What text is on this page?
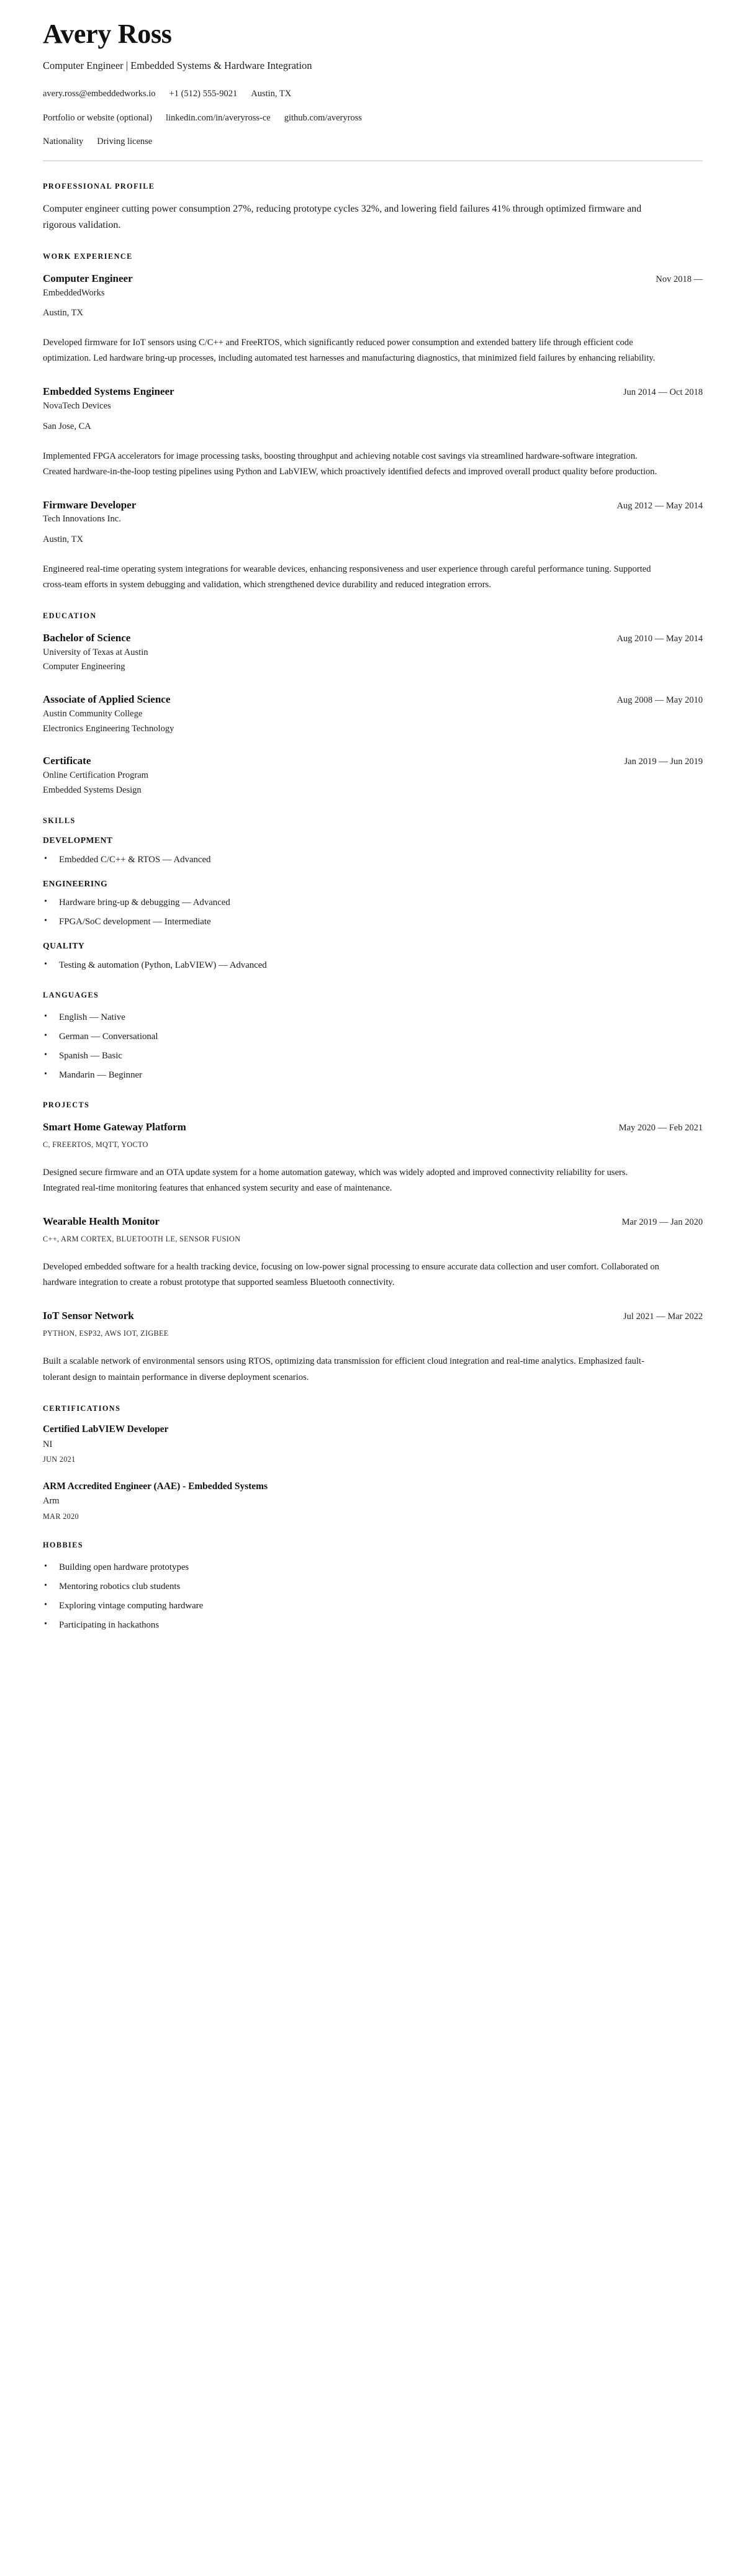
Avery Ross
Computer Engineer | Embedded Systems & Hardware Integration
avery.ross@embeddedworks.io +1 (512) 555-9021 Austin, TX
Portfolio or website (optional) linkedin.com/in/averyross-ce github.com/averyross
Nationality Driving license
PROFESSIONAL PROFILE

Computer engineer cutting power consumption 27%, reducing prototype cycles 32%, and lowering field failures 41% through optimized firmware and rigorous validation.

WORK EXPERIENCE
Computer Engineer	Nov 2018 —
EmbeddedWorks
Austin, TX

Developed firmware for IoT sensors using C/C++ and FreeRTOS, which significantly reduced power consumption and extended battery life through efficient code optimization. Led hardware bring-up processes, including automated test harnesses and manufacturing diagnostics, that minimized field failures by enhancing reliability.

Embedded Systems Engineer	Jun 2014 — Oct 2018
NovaTech Devices
San Jose, CA

Implemented FPGA accelerators for image processing tasks, boosting throughput and achieving notable cost savings via streamlined hardware-software integration. Created hardware-in-the-loop testing pipelines using Python and LabVIEW, which proactively identified defects and improved overall product quality before production.

Firmware Developer	Aug 2012 — May 2014
Tech Innovations Inc.
Austin, TX

Engineered real-time operating system integrations for wearable devices, enhancing responsiveness and user experience through careful performance tuning. Supported cross-team efforts in system debugging and validation, which strengthened device durability and reduced integration errors.

EDUCATION
Bachelor of Science	Aug 2010 — May 2014
University of Texas at Austin
Computer Engineering
Associate of Applied Science	Aug 2008 — May 2010
Austin Community College
Electronics Engineering Technology
Certificate	Jan 2019 — Jun 2019
Online Certification Program
Embedded Systems Design
SKILLS
DEVELOPMENT
• Embedded C/C++ & RTOS — Advanced
ENGINEERING
• Hardware bring-up & debugging — Advanced
• FPGA/SoC development — Intermediate
QUALITY
• Testing & automation (Python, LabVIEW) — Advanced
LANGUAGES
• English — Native
• German — Conversational
• Spanish — Basic
• Mandarin — Beginner
PROJECTS
Smart Home Gateway Platform	May 2020 — Feb 2021
C, FREERTOS, MQTT, YOCTO

Designed secure firmware and an OTA update system for a home automation gateway, which was widely adopted and improved connectivity reliability for users. Integrated real-time monitoring features that enhanced system security and ease of maintenance.

Wearable Health Monitor	Mar 2019 — Jan 2020
C++, ARM CORTEX, BLUETOOTH LE, SENSOR FUSION

Developed embedded software for a health tracking device, focusing on low-power signal processing to ensure accurate data collection and user comfort. Collaborated on hardware integration to create a robust prototype that supported seamless Bluetooth connectivity.

IoT Sensor Network	Jul 2021 — Mar 2022
PYTHON, ESP32, AWS IOT, ZIGBEE

Built a scalable network of environmental sensors using RTOS, optimizing data transmission for efficient cloud integration and real-time analytics. Emphasized fault-tolerant design to maintain performance in diverse deployment scenarios.

CERTIFICATIONS
Certified LabVIEW Developer
NI
JUN 2021
ARM Accredited Engineer (AAE) - Embedded Systems
Arm
MAR 2020
HOBBIES
• Building open hardware prototypes
• Mentoring robotics club students
• Exploring vintage computing hardware
• Participating in hackathons
